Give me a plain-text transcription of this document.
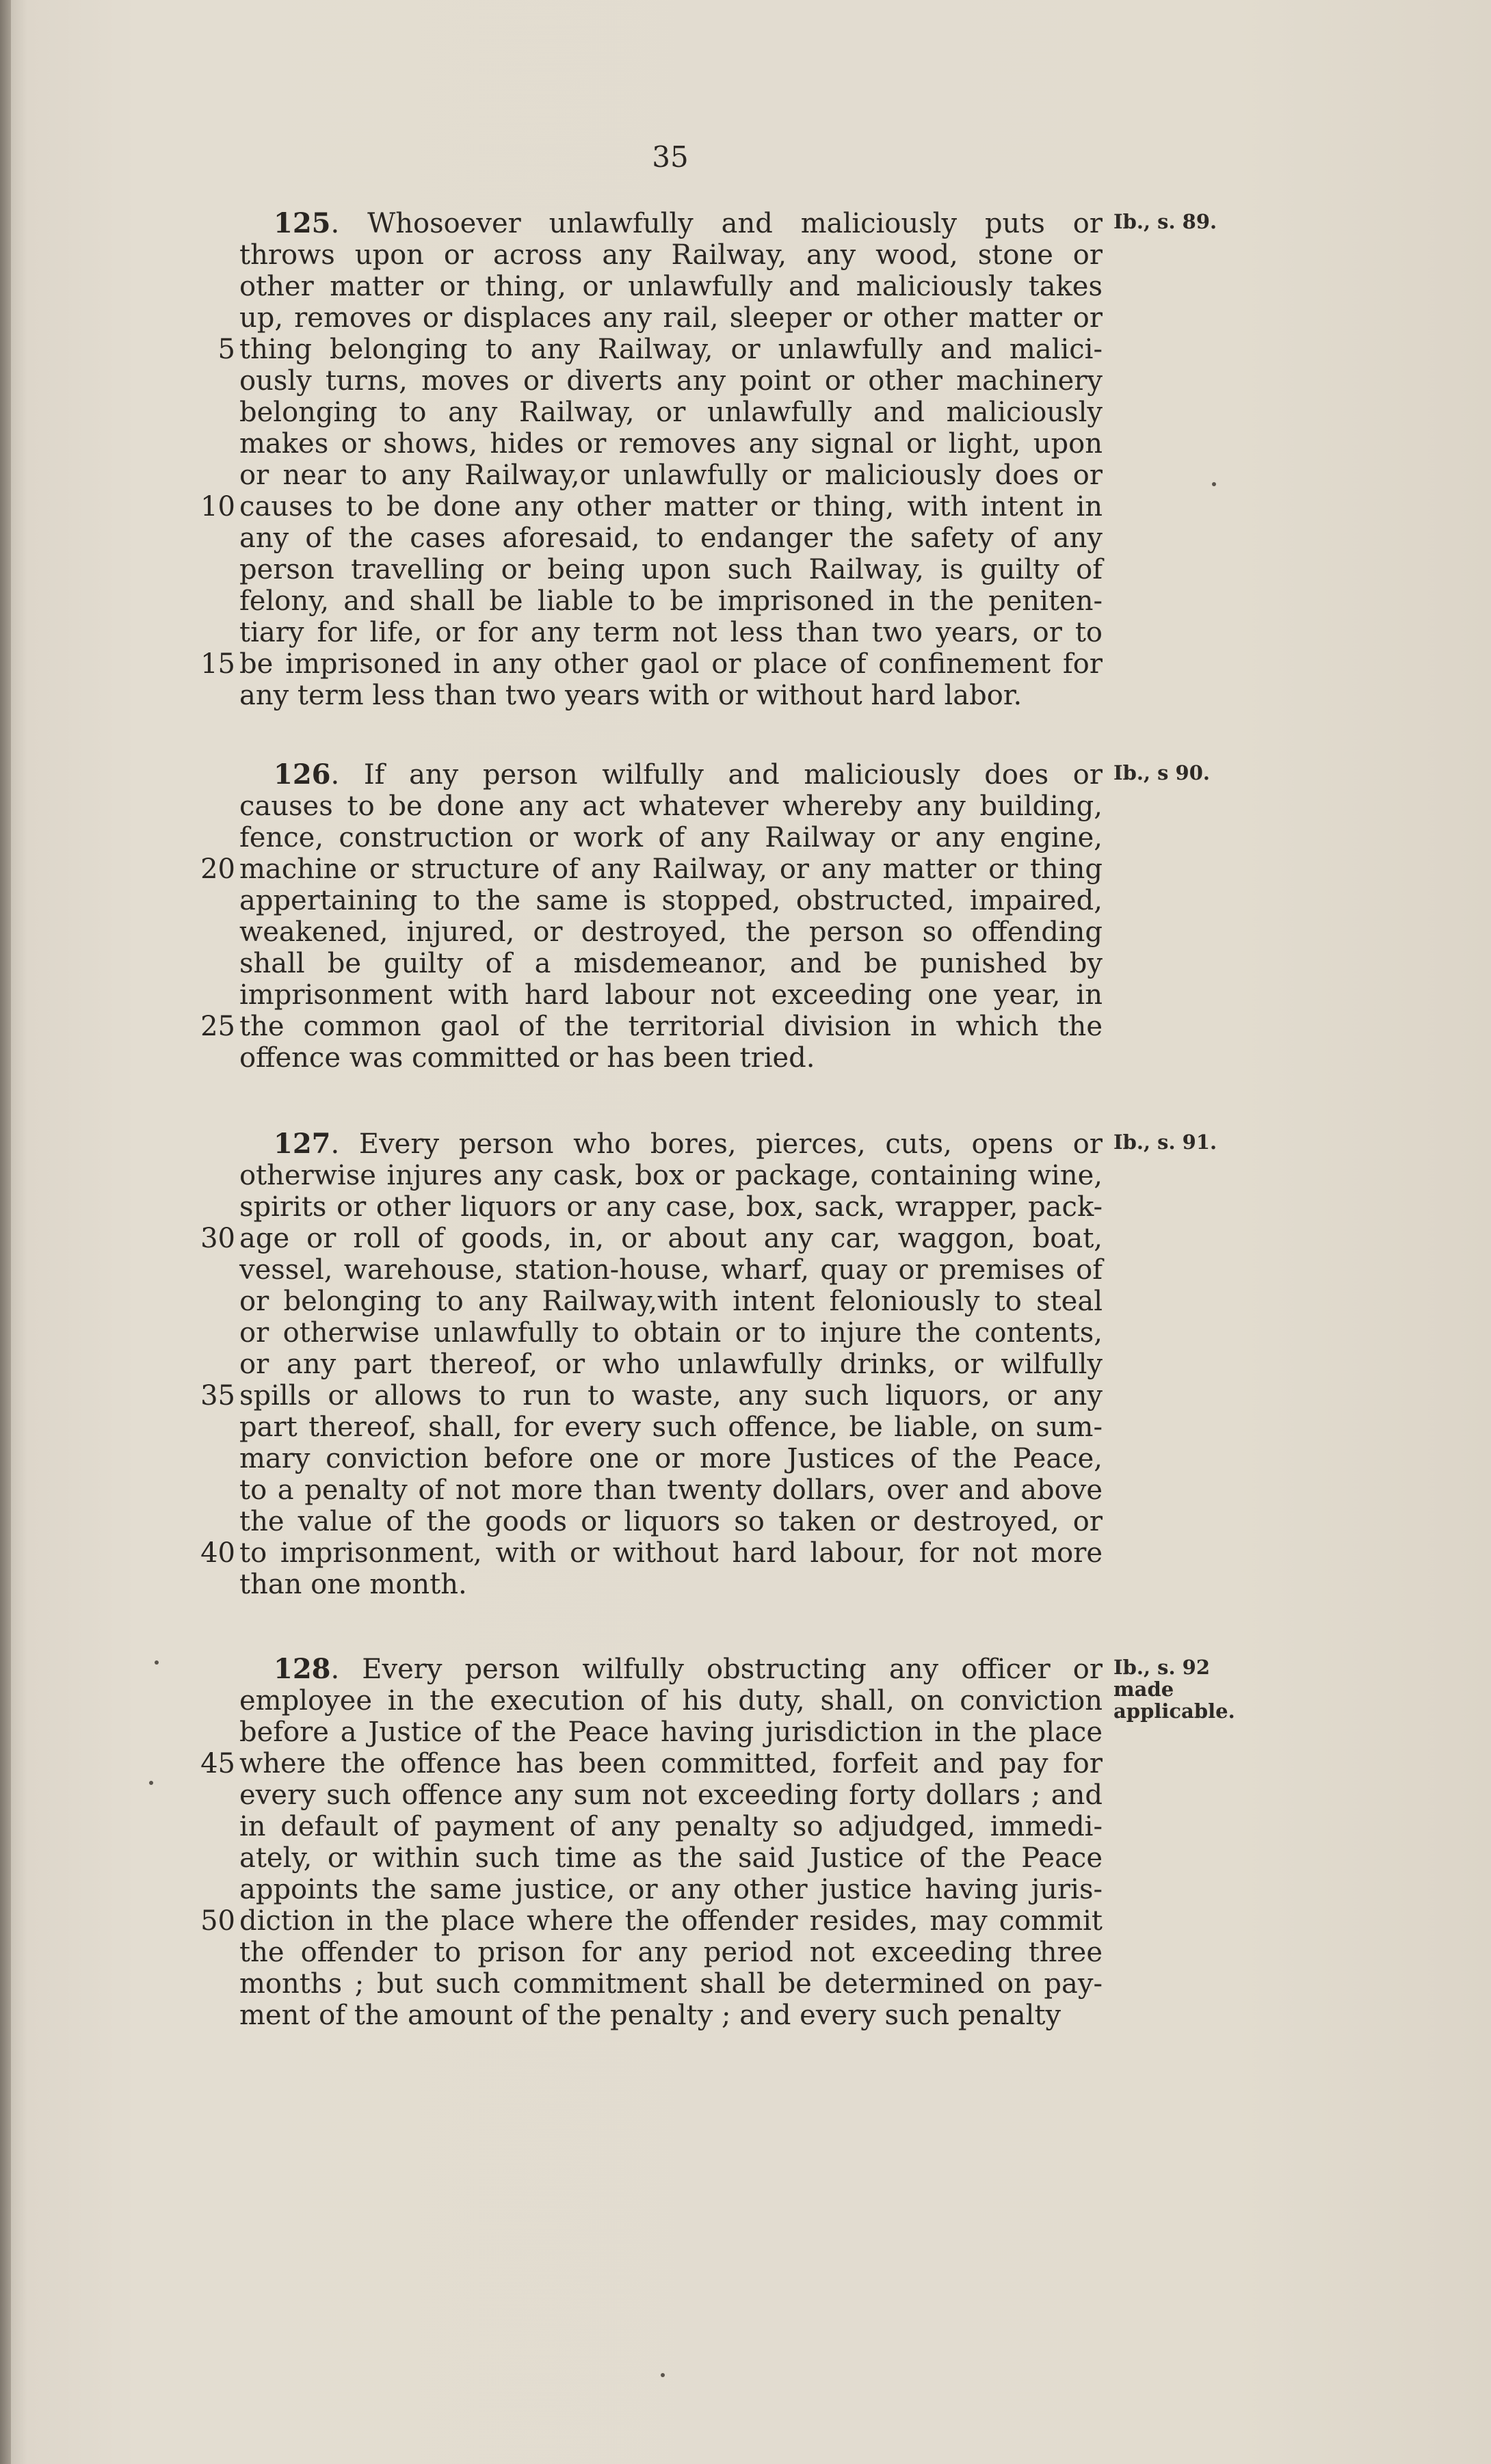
35
125. Whosoever unlawfully and maliciously puts or
throws upon or across any Railway, any wood, stone or
other matter or thing, or unlawfully and maliciously takes
up, removes or displaces any rail, sleeper or other matter or
thing belonging to any Railway, or unlawfully and malici-
5
ously turns, moves or diverts any point or other machinery
belonging to any Railway, or unlawfully and maliciously
makes or shows, hides or removes any signal or light, upon
or near to any Railway,or unlawfully or maliciously does or
causes to be done any other matter or thing, with intent in
10
any of the cases aforesaid, to endanger the safety of any
person travelling or being upon such Railway, is guilty of
felony, and shall be liable to be imprisoned in the peniten-
tiary for life, or for any term not less than two years, or to
be imprisoned in any other gaol or place of confinement for
15
any term less than two years with or without hard labor.
Ib., s. 89.
126. If any person wilfully and maliciously does or
causes to be done any act whatever whereby any building,
fence, construction or work of any Railway or any engine,
machine or structure of any Railway, or any matter or thing
20
appertaining to the same is stopped, obstructed, impaired,
weakened, injured, or destroyed, the person so offending
shall be guilty of a misdemeanor, and be punished by
imprisonment with hard labour not exceeding one year, in
the common gaol of the territorial division in which the
25
offence was committed or has been tried.
Ib., s 90.
127. Every person who bores, pierces, cuts, opens or
otherwise injures any cask, box or package, containing wine,
spirits or other liquors or any case, box, sack, wrapper, pack-
age or roll of goods, in, or about any car, waggon, boat,
30
vessel, warehouse, station-house, wharf, quay or premises of
or belonging to any Railway,with intent feloniously to steal
or otherwise unlawfully to obtain or to injure the contents,
or any part thereof, or who unlawfully drinks, or wilfully
spills or allows to run to waste, any such liquors, or any
35
part thereof, shall, for every such offence, be liable, on sum-
mary conviction before one or more Justices of the Peace,
to a penalty of not more than twenty dollars, over and above
the value of the goods or liquors so taken or destroyed, or
to imprisonment, with or without hard labour, for not more
40
than one month.
Ib., s. 91.
128. Every person wilfully obstructing any officer or
employee in the execution of his duty, shall, on conviction
before a Justice of the Peace having jurisdiction in the place
where the offence has been committed, forfeit and pay for
45
every such offence any sum not exceeding forty dollars ; and
in default of payment of any penalty so adjudged, immedi-
ately, or within such time as the said Justice of the Peace
appoints the same justice, or any other justice having juris-
diction in the place where the offender resides, may commit
50
the offender to prison for any period not exceeding three
months ; but such commitment shall be determined on pay-
ment of the amount of the penalty ; and every such penalty
Ib., s. 92 made applicable.
